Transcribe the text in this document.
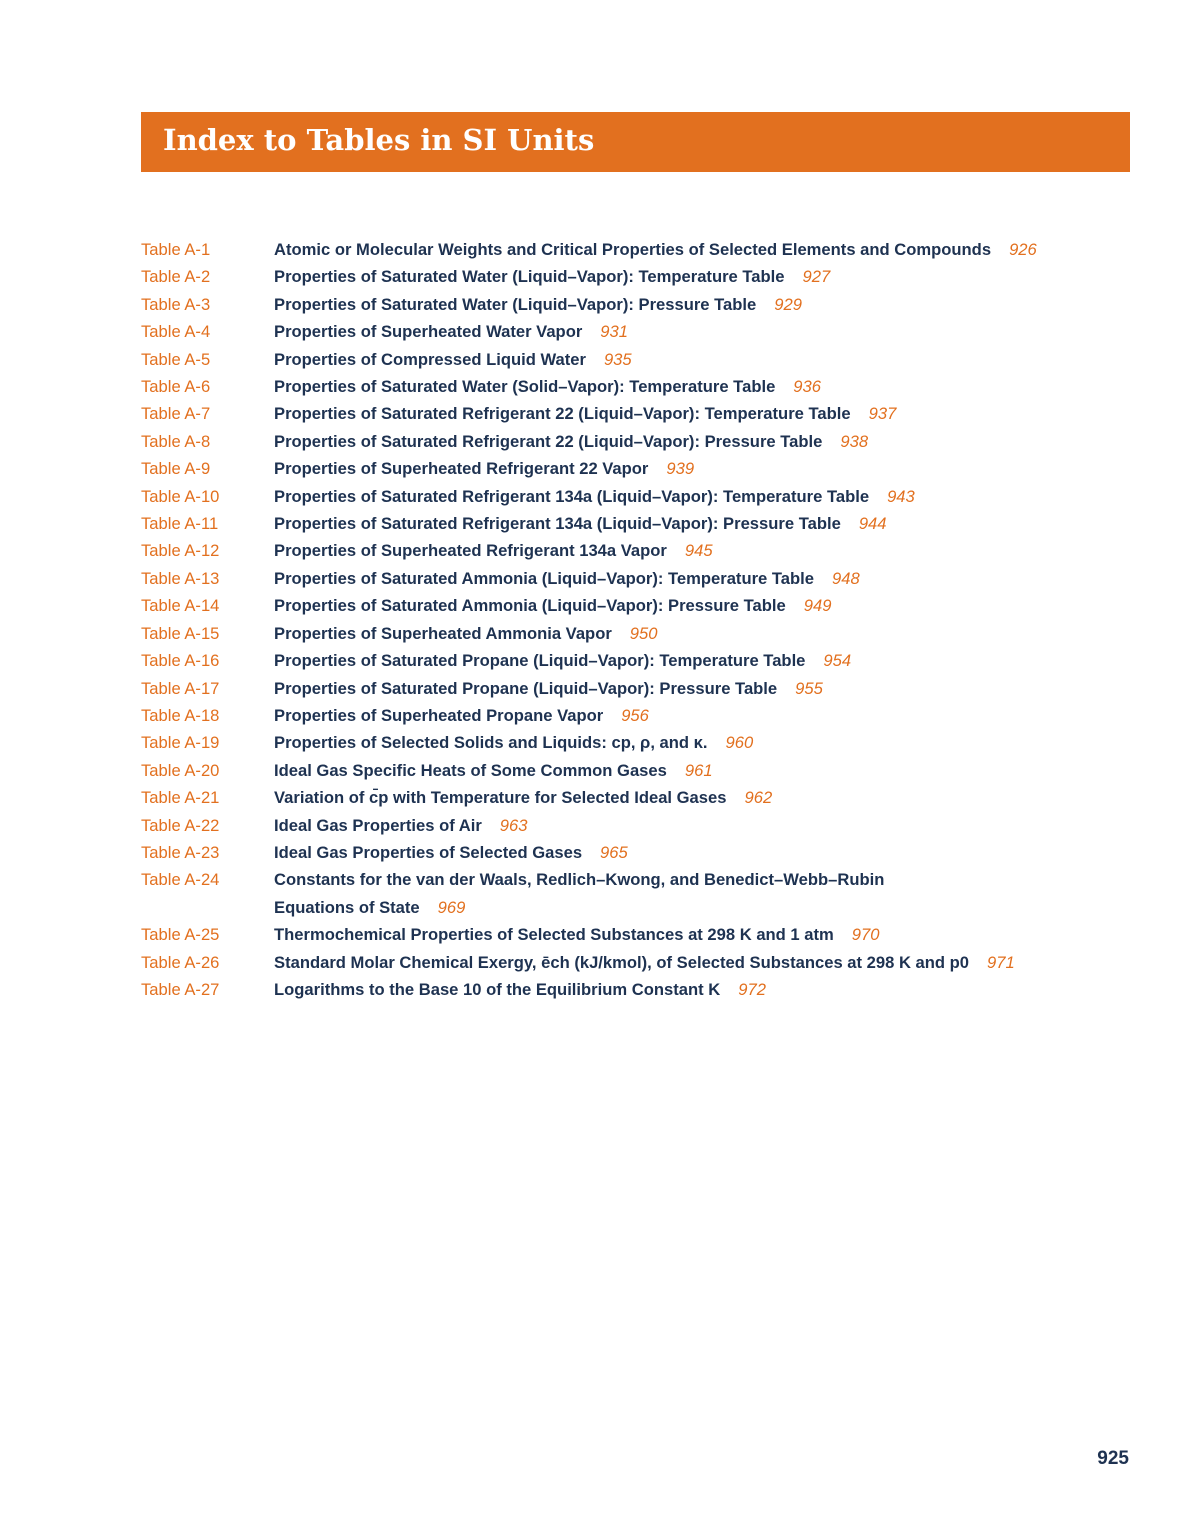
Index to Tables in SI Units
Table A-1	Atomic or Molecular Weights and Critical Properties of Selected Elements and Compounds 926
Table A-2	Properties of Saturated Water (Liquid–Vapor): Temperature Table 927
Table A-3	Properties of Saturated Water (Liquid–Vapor): Pressure Table 929
Table A-4	Properties of Superheated Water Vapor 931
Table A-5	Properties of Compressed Liquid Water 935
Table A-6	Properties of Saturated Water (Solid–Vapor): Temperature Table 936
Table A-7	Properties of Saturated Refrigerant 22 (Liquid–Vapor): Temperature Table 937
Table A-8	Properties of Saturated Refrigerant 22 (Liquid–Vapor): Pressure Table 938
Table A-9	Properties of Superheated Refrigerant 22 Vapor 939
Table A-10	Properties of Saturated Refrigerant 134a (Liquid–Vapor): Temperature Table 943
Table A-11	Properties of Saturated Refrigerant 134a (Liquid–Vapor): Pressure Table 944
Table A-12	Properties of Superheated Refrigerant 134a Vapor 945
Table A-13	Properties of Saturated Ammonia (Liquid–Vapor): Temperature Table 948
Table A-14	Properties of Saturated Ammonia (Liquid–Vapor): Pressure Table 949
Table A-15	Properties of Superheated Ammonia Vapor 950
Table A-16	Properties of Saturated Propane (Liquid–Vapor): Temperature Table 954
Table A-17	Properties of Saturated Propane (Liquid–Vapor): Pressure Table 955
Table A-18	Properties of Superheated Propane Vapor 956
Table A-19	Properties of Selected Solids and Liquids: cp, ρ, and κ. 960
Table A-20	Ideal Gas Specific Heats of Some Common Gases 961
Table A-21	Variation of c̄p with Temperature for Selected Ideal Gases 962
Table A-22	Ideal Gas Properties of Air 963
Table A-23	Ideal Gas Properties of Selected Gases 965
Table A-24	Constants for the van der Waals, Redlich–Kwong, and Benedict–Webb–Rubin
Equations of State 969
Table A-25	Thermochemical Properties of Selected Substances at 298 K and 1 atm 970
Table A-26	Standard Molar Chemical Exergy, ēch (kJ/kmol), of Selected Substances at 298 K and p0 971
Table A-27	Logarithms to the Base 10 of the Equilibrium Constant K 972
925
